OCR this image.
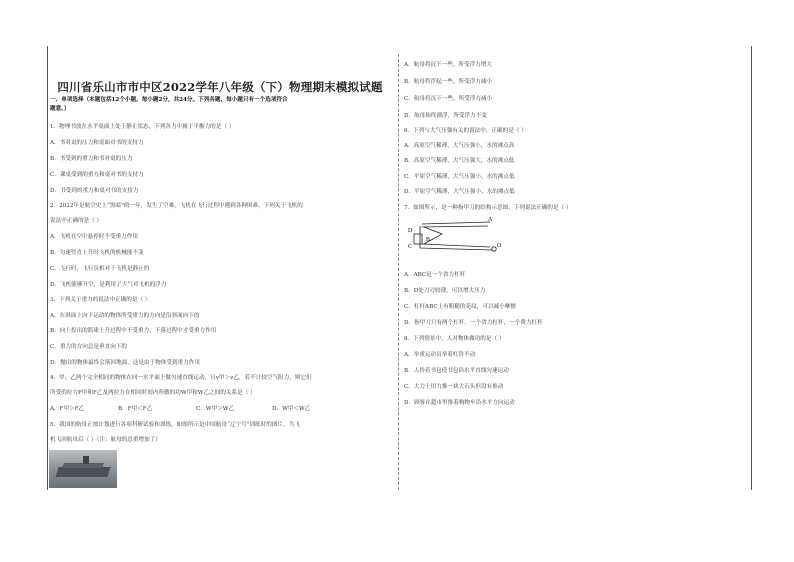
四川省乐山市市中区2022学年八年级（下）物理期末模拟试题
一、单项选择（本题包括12个小题，每小题2分，共24分。下列各题，每小题只有一个选项符合
题意。）
1．物理书放在水平桌面上处于静止状态，下列各力中属于平衡力的是（ ）
A．书对桌的压力和桌面对书的支持力
B．书受到的重力和书对桌的压力
C．课桌受到的重力和桌对书的支持力
D．书受到的重力和桌对书的支持力
2．2022年是航空史上“黑暗”的一年，发生了空难，飞机在飞行过程中遇到各种困难，下列关于飞机的
说法中正确的是（ ）
A．飞机在空中悬停时不受重力作用
B．匀速竖直上升时飞机的机械能不变
C．飞行时，飞行员相对于飞机是静止的
D．飞机能够升空，是利用了大气对飞机的浮力
3．下列关于重力的说法中正确的是（ ）
A．在斜面上向下运动的物体所受重力的方向是沿斜面向下的
B．向上投出的篮球上升过程中不受重力，下落过程中才受重力作用
C．重力的方向总是垂直向下的
D．抛出的物体最终会落回地面，这是由于物体受到重力作用
4．甲、乙两个完全相同的物体在同一水平面上做匀速直线运动，且v甲＞v乙，若不计较空气阻力，则它们
所受的拉力F甲和F乙及两拉力在相同时间内所做的功W甲和W乙之间的关系是（ ）
A．F甲＞F乙	B．F甲＜F乙	C．W甲＞W乙	D．W甲＜W乙
5．我国的航母正按计划进行各项科研试验和训练，如图所示是中国航母“辽宁号”训练时的图片，当飞
机飞回航母后（ ）（注：航母的总重增加了）
A．航母将沉下一些，所受浮力增大
B．航母将浮起一些，所受浮力减小
C．航母将沉下一些，所受浮力减小
D．航母始终漂浮，所受浮力不变
6．下列与大气压强有关的说法中，正确的是（ ）
A．高原空气稀薄，大气压强小，水的沸点高
B．高原空气稀薄，大气压强大，水的沸点低
C．平原空气稀薄，大气压强小，水的沸点低
D．平原空气稀薄，大气压强小，水的沸点低
7．如图所示，是一种指甲刀的结构示意图，下列说法正确的是（ ）
A
B
D
C	O
A．ABC是一个省力杠杆
B．D处刀刃较薄，可以增大压力
C．杠杆ABC上有粗糙的花纹，可以减小摩擦
D．指甲刀只有两个杠杆，一个省力杠杆，一个费力杠杆
8．下列情景中，人对物体做功的是（ ）
A．举重运动员举着杠铃不动
B．人拎着书包使书包沿水平直线匀速运动
C．大力士用力推一块大石头但没有推动
D．顾客在超市里推着购物车沿水平方向运动
